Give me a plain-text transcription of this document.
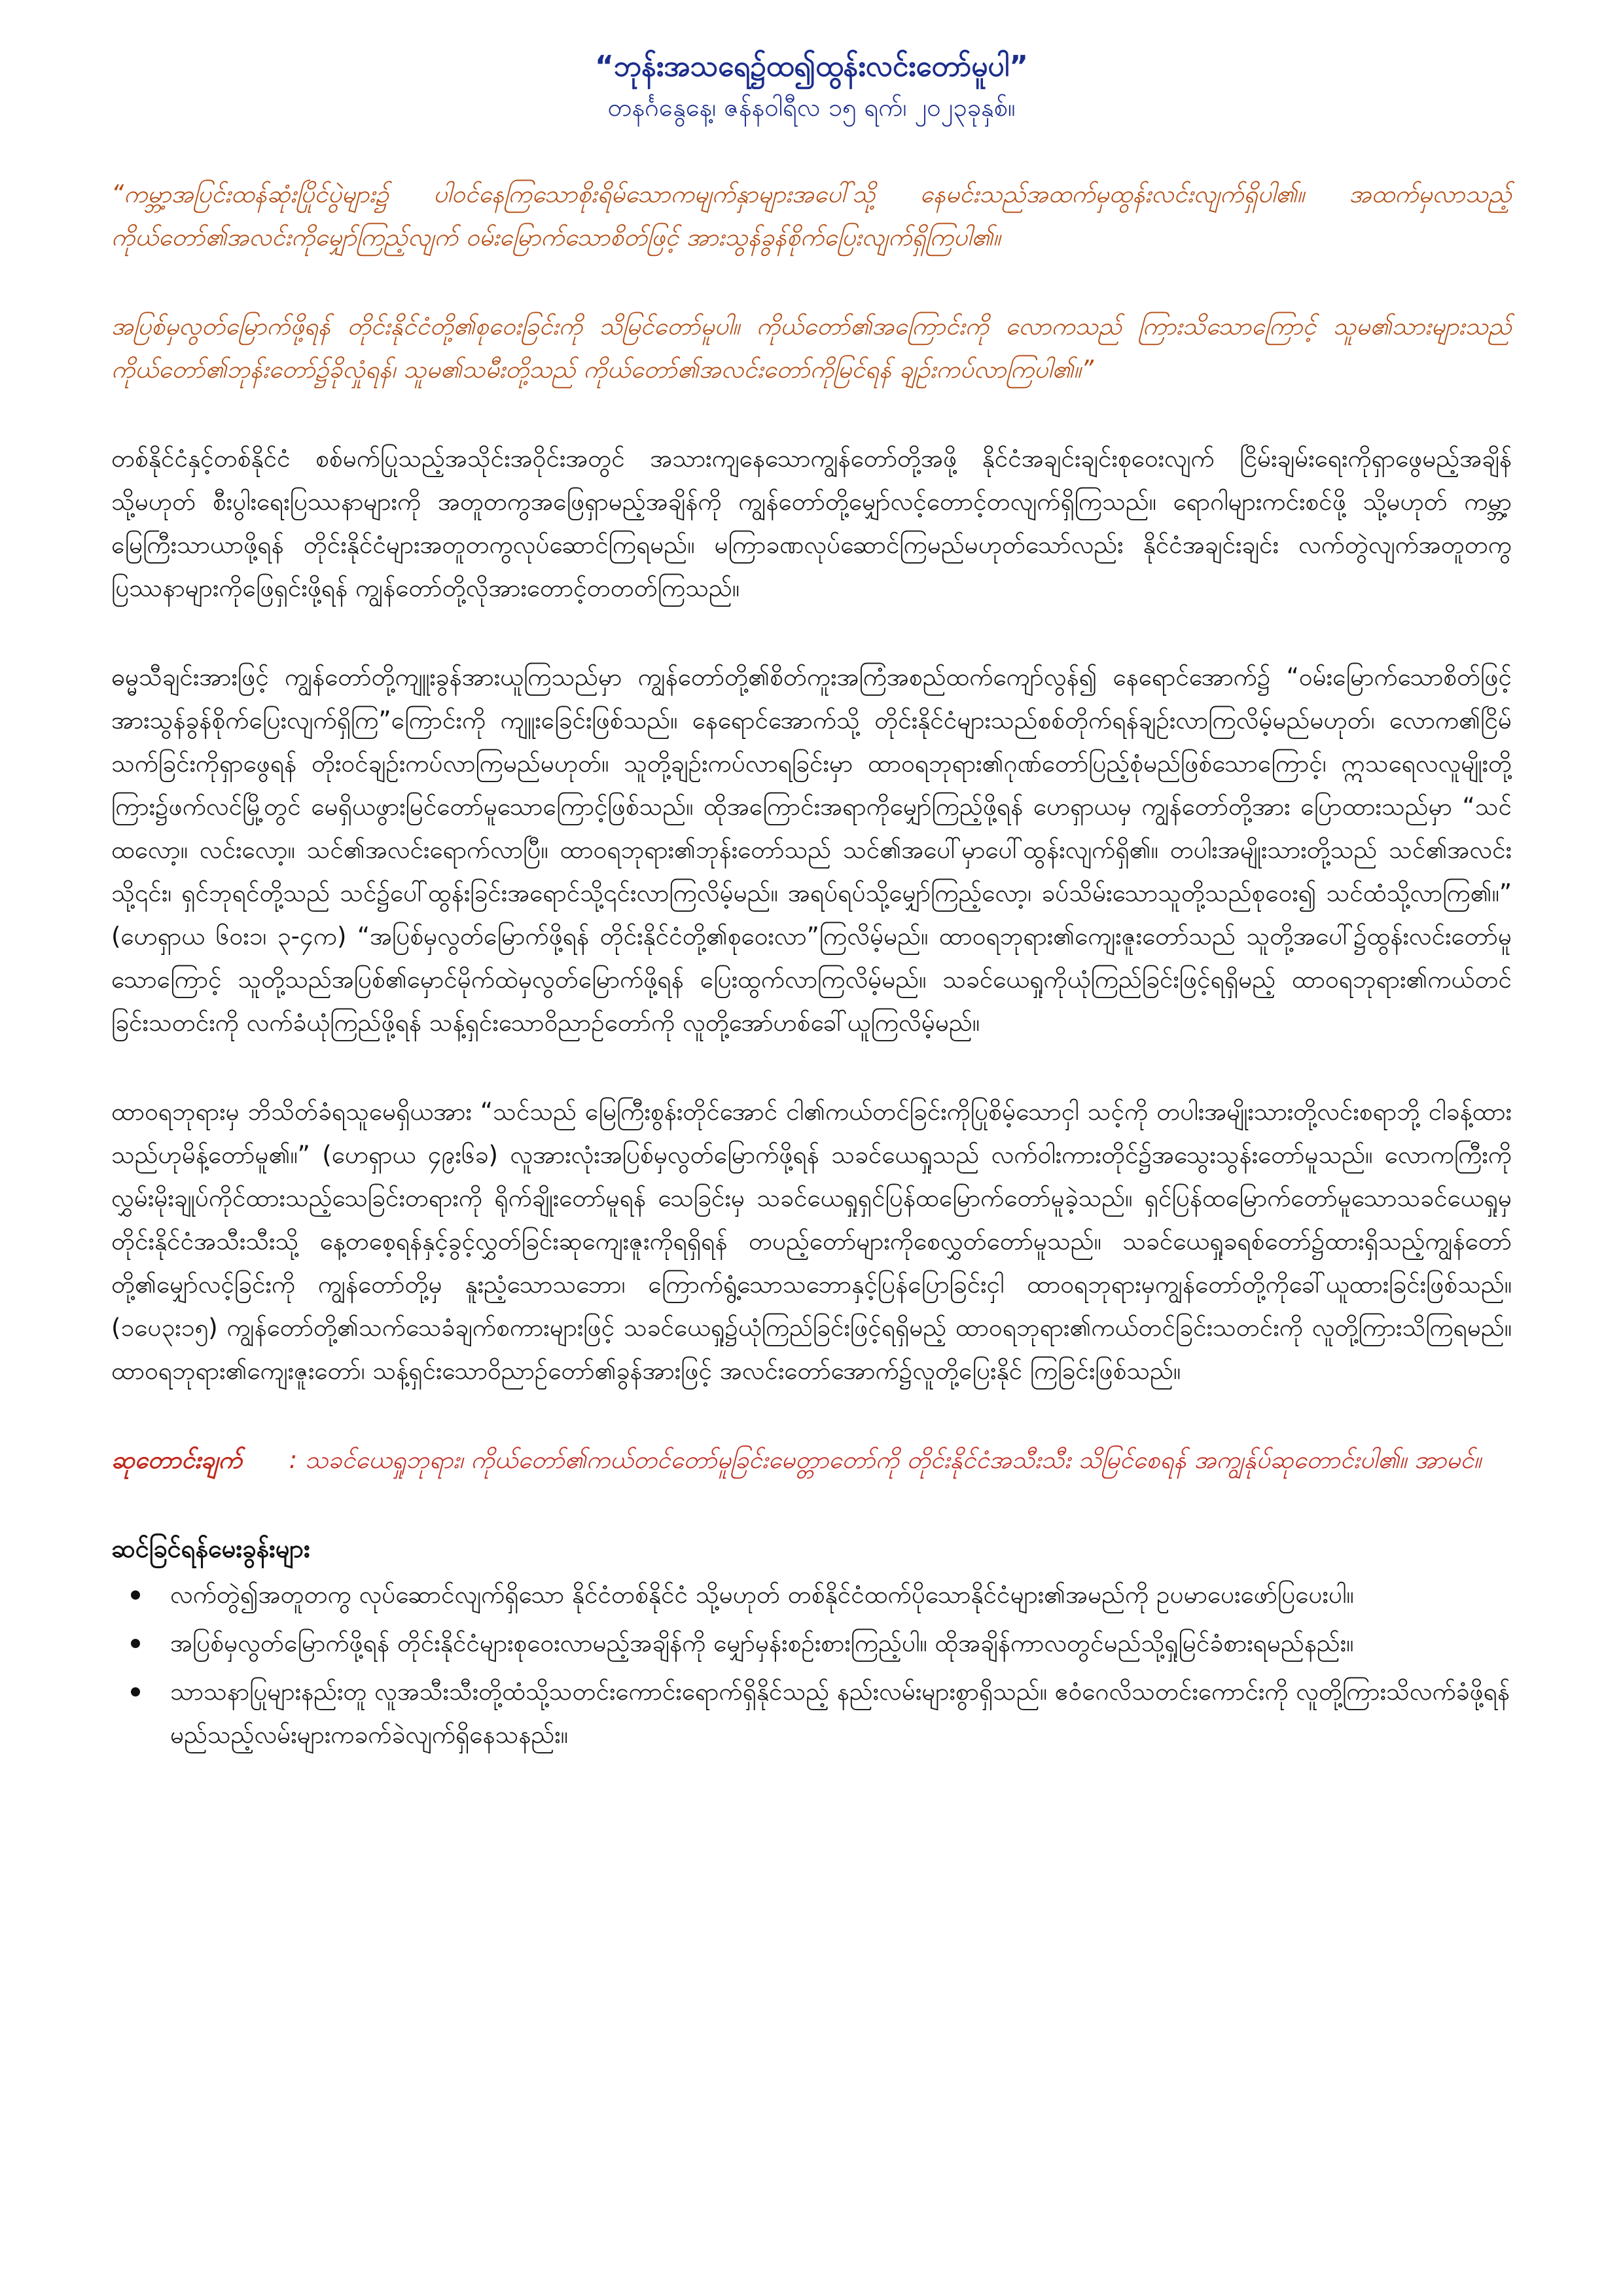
“ဘုန်းအသရေ၌ထ၍ထွန်းလင်းတော်မူပါ”

တနင်္ဂနွေနေ့၊ ဇန်နဝါရီလ ၁၅ ရက်၊ ၂၀၂၃ခုနှစ်။

“ကမ္ဘာ့အပြင်းထန်ဆုံးပြိုင်ပွဲများ၌ ပါဝင်နေကြသောစိုးရိမ်သောကမျက်နှာများအပေါ်သို့ နေမင်းသည်အထက်မှထွန်းလင်းလျက်ရှိပါ၏။ အထက်မှလာသည့်ကိုယ်တော်၏အလင်းကိုမျှော်ကြည့်လျက် ဝမ်းမြောက်သောစိတ်ဖြင့် အားသွန်ခွန်စိုက်ပြေးလျက်ရှိကြပါ၏။

အပြစ်မှလွတ်မြောက်ဖို့ရန် တိုင်းနိုင်ငံတို့၏စုဝေးခြင်းကို သိမြင်တော်မူပါ။ ကိုယ်တော်၏အကြောင်းကို လောကသည် ကြားသိသောကြောင့် သူမ၏သားများသည် ကိုယ်တော်၏ဘုန်းတော်၌ခိုလှုံရန်၊ သူမ၏သမီးတို့သည် ကိုယ်တော်၏အလင်းတော်ကိုမြင်ရန် ချဉ်းကပ်လာကြပါ၏။”

တစ်နိုင်ငံနှင့်တစ်နိုင်ငံ စစ်မက်ပြုသည့်အသိုင်းအဝိုင်းအတွင် အသားကျနေသောကျွန်တော်တို့အဖို့ နိုင်ငံအချင်းချင်းစုဝေးလျက် ငြိမ်းချမ်းရေးကိုရှာဖွေမည့်အချိန် သို့မဟုတ် စီးပွါးရေးပြဿနာများကို အတူတကွအဖြေရှာမည့်အချိန်ကို ကျွန်တော်တို့မျှော်လင့်တောင့်တလျက်ရှိကြသည်။ ရောဂါများကင်းစင်ဖို့ သို့မဟုတ် ကမ္ဘာ့မြေကြီးသာယာဖို့ရန် တိုင်းနိုင်ငံများအတူတကွလုပ်ဆောင်ကြရမည်။ မကြာခဏလုပ်ဆောင်ကြမည်မဟုတ်သော်လည်း နိုင်ငံအချင်းချင်း လက်တွဲလျက်အတူတကွပြဿနာများကိုဖြေရှင်းဖို့ရန် ကျွန်တော်တို့လိုအားတောင့်တတတ်ကြသည်။

ဓမ္မသီချင်းအားဖြင့် ကျွန်တော်တို့ကျူးခွန်အားယူကြသည်မှာ ကျွန်တော်တို့၏စိတ်ကူးအကြံအစည်ထက်ကျော်လွန်၍ နေရောင်အောက်၌ “ဝမ်းမြောက်သောစိတ်ဖြင့် အားသွန်ခွန်စိုက်ပြေးလျက်ရှိကြ”ကြောင်းကို ကျူးခြေင်းဖြစ်သည်။ နေရောင်အောက်သို့ တိုင်းနိုင်ငံများသည်စစ်တိုက်ရန်ချဉ်းလာကြလိမ့်မည်မဟုတ်၊ လောက၏ငြိမ်သက်ခြင်းကိုရှာဖွေရန် တိုးဝင်ချဉ်းကပ်လာကြမည်မဟုတ်။ သူတို့ချဉ်းကပ်လာရခြင်းမှာ ထာဝရဘုရား၏ဂုဏ်တော်ပြည့်စုံမည်ဖြစ်သောကြောင့်၊ ဣသရေလလူမျိုးတို့ကြား၌ဖက်လင်မြို့တွင် မေရှိယဖွားမြင်တော်မူသောကြောင့်ဖြစ်သည်။ ထိုအကြောင်းအရာကိုမျှော်ကြည့်ဖို့ရန် ဟေရှာယမှ ကျွန်တော်တို့အား ပြောထားသည်မှာ “သင်ထလော့။ လင်းလော့။ သင်၏အလင်းရောက်လာပြီ။ ထာဝရဘုရား၏ဘုန်းတော်သည် သင်၏အပေါ်မှာပေါ်ထွန်းလျက်ရှိ၏။ တပါးအမျိုးသားတို့သည် သင်၏အလင်းသို့၎င်း၊ ရှင်ဘုရင်တို့သည် သင်၌ပေါ်ထွန်းခြင်းအရောင်သို့၎င်းလာကြလိမ့်မည်။ အရပ်ရပ်သို့မျှော်ကြည့်လော့၊ ခပ်သိမ်းသောသူတို့သည်စုဝေး၍ သင်ထံသို့လာကြ၏။” (ဟေရှာယ ၆၀း၁၊ ၃-၄က) “အပြစ်မှလွတ်မြောက်ဖို့ရန် တိုင်းနိုင်ငံတို့၏စုဝေးလာ”ကြလိမ့်မည်။ ထာဝရဘုရား၏ကျေးဇူးတော်သည် သူတို့အပေါ်၌ထွန်းလင်းတော်မူသောကြောင့် သူတို့သည်အပြစ်၏မှောင်မိုက်ထဲမှလွတ်မြောက်ဖို့ရန် ပြေးထွက်လာကြလိမ့်မည်။ သခင်ယေရှုကိုယုံကြည်ခြင်းဖြင့်ရရှိမည့် ထာဝရဘုရား၏ကယ်တင်ခြင်းသတင်းကို လက်ခံယုံကြည်ဖို့ရန် သန့်ရှင်းသောဝိညာဉ်တော်ကို လူတို့အော်ဟစ်ခေါ်ယူကြလိမ့်မည်။

ထာဝရဘုရားမှ ဘိသိတ်ခံရသူမေရှိယအား “သင်သည် မြေကြီးစွန်းတိုင်အောင် ငါ၏ကယ်တင်ခြင်းကိုပြုစိမ့်သောငှါ သင့်ကို တပါးအမျိုးသားတို့လင်းစရာဘို့ ငါခန့်ထားသည်ဟုမိန့်တော်မူ၏။” (ဟေရှာယ ၄၉း၆ခ) လူအားလုံးအပြစ်မှလွတ်မြောက်ဖို့ရန် သခင်ယေရှုသည် လက်ဝါးကားတိုင်၌အသွေးသွန်းတော်မူသည်။ လောကကြီးကို လွှမ်းမိုးချုပ်ကိုင်ထားသည့်သေခြင်းတရားကို ရိုက်ချိုးတော်မူရန် သေခြင်းမှ သခင်ယေရှုရှင်ပြန်ထမြောက်တော်မူခဲ့သည်။ ရှင်ပြန်ထမြောက်တော်မူသောသခင်ယေရှုမှ တိုင်းနိုင်ငံအသီးသီးသို့ နေ့တစေ့ရန်နှင့်ခွင့်လွှတ်ခြင်းဆုကျေးဇူးကိုရရှိရန် တပည့်တော်များကိုစေလွှတ်တော်မူသည်။ သခင်ယေရှုခရစ်တော်၌ထားရှိသည့်ကျွန်တော်တို့၏မျှော်လင့်ခြင်းကို ကျွန်တော်တို့မှ နူးညံ့သောသဘော၊ ကြောက်ရွံ့သောသဘောနှင့်ပြန်ပြောခြင်းငှါ ထာဝရဘုရားမှကျွန်တော်တို့ကိုခေါ်ယူထားခြင်းဖြစ်သည်။ (၁ပေ၃း၁၅) ကျွန်တော်တို့၏သက်သေခံချက်စကားများဖြင့် သခင်ယေရှု၌ယုံကြည်ခြင်းဖြင့်ရရှိမည့် ထာဝရဘုရား၏ကယ်တင်ခြင်းသတင်းကို လူတို့ကြားသိကြရမည်။ ထာဝရဘုရား၏ကျေးဇူးတော်၊ သန့်ရှင်းသောဝိညာဉ်တော်၏ခွန်အားဖြင့် အလင်းတော်အောက်၌လူတို့ပြေးနိုင် ကြခြင်းဖြစ်သည်။

ဆုတောင်းချက် : သခင်ယေရှုဘုရား၊ ကိုယ်တော်၏ကယ်တင်တော်မူခြင်းမေတ္တာတော်ကို တိုင်းနိုင်ငံအသီးသီး သိမြင်စေရန် အကျွန်ုပ်ဆုတောင်းပါ၏။ အာမင်။

ဆင်ခြင်ရန်မေးခွန်းများ

လက်တွဲ၍အတူတကွ လုပ်ဆောင်လျက်ရှိသော နိုင်ငံတစ်နိုင်ငံ သို့မဟုတ် တစ်နိုင်ငံထက်ပိုသောနိုင်ငံများ၏အမည်ကို ဥပမာပေးဖော်ပြပေးပါ။
အပြစ်မှလွတ်မြောက်ဖို့ရန် တိုင်းနိုင်ငံများစုဝေးလာမည့်အချိန်ကို မျှော်မှန်းစဉ်းစားကြည့်ပါ။ ထိုအချိန်ကာလတွင်မည်သို့ရှုမြင်ခံစားရမည်နည်း။
သာသနာပြုများနည်းတူ လူအသီးသီးတို့ထံသို့သတင်းကောင်းရောက်ရှိနိုင်သည့် နည်းလမ်းများစွာရှိသည်။ ဧဝံဂေလိသတင်းကောင်းကို လူတို့ကြားသိလက်ခံဖို့ရန် မည်သည့်လမ်းများကခက်ခဲလျက်ရှိနေသနည်း။
